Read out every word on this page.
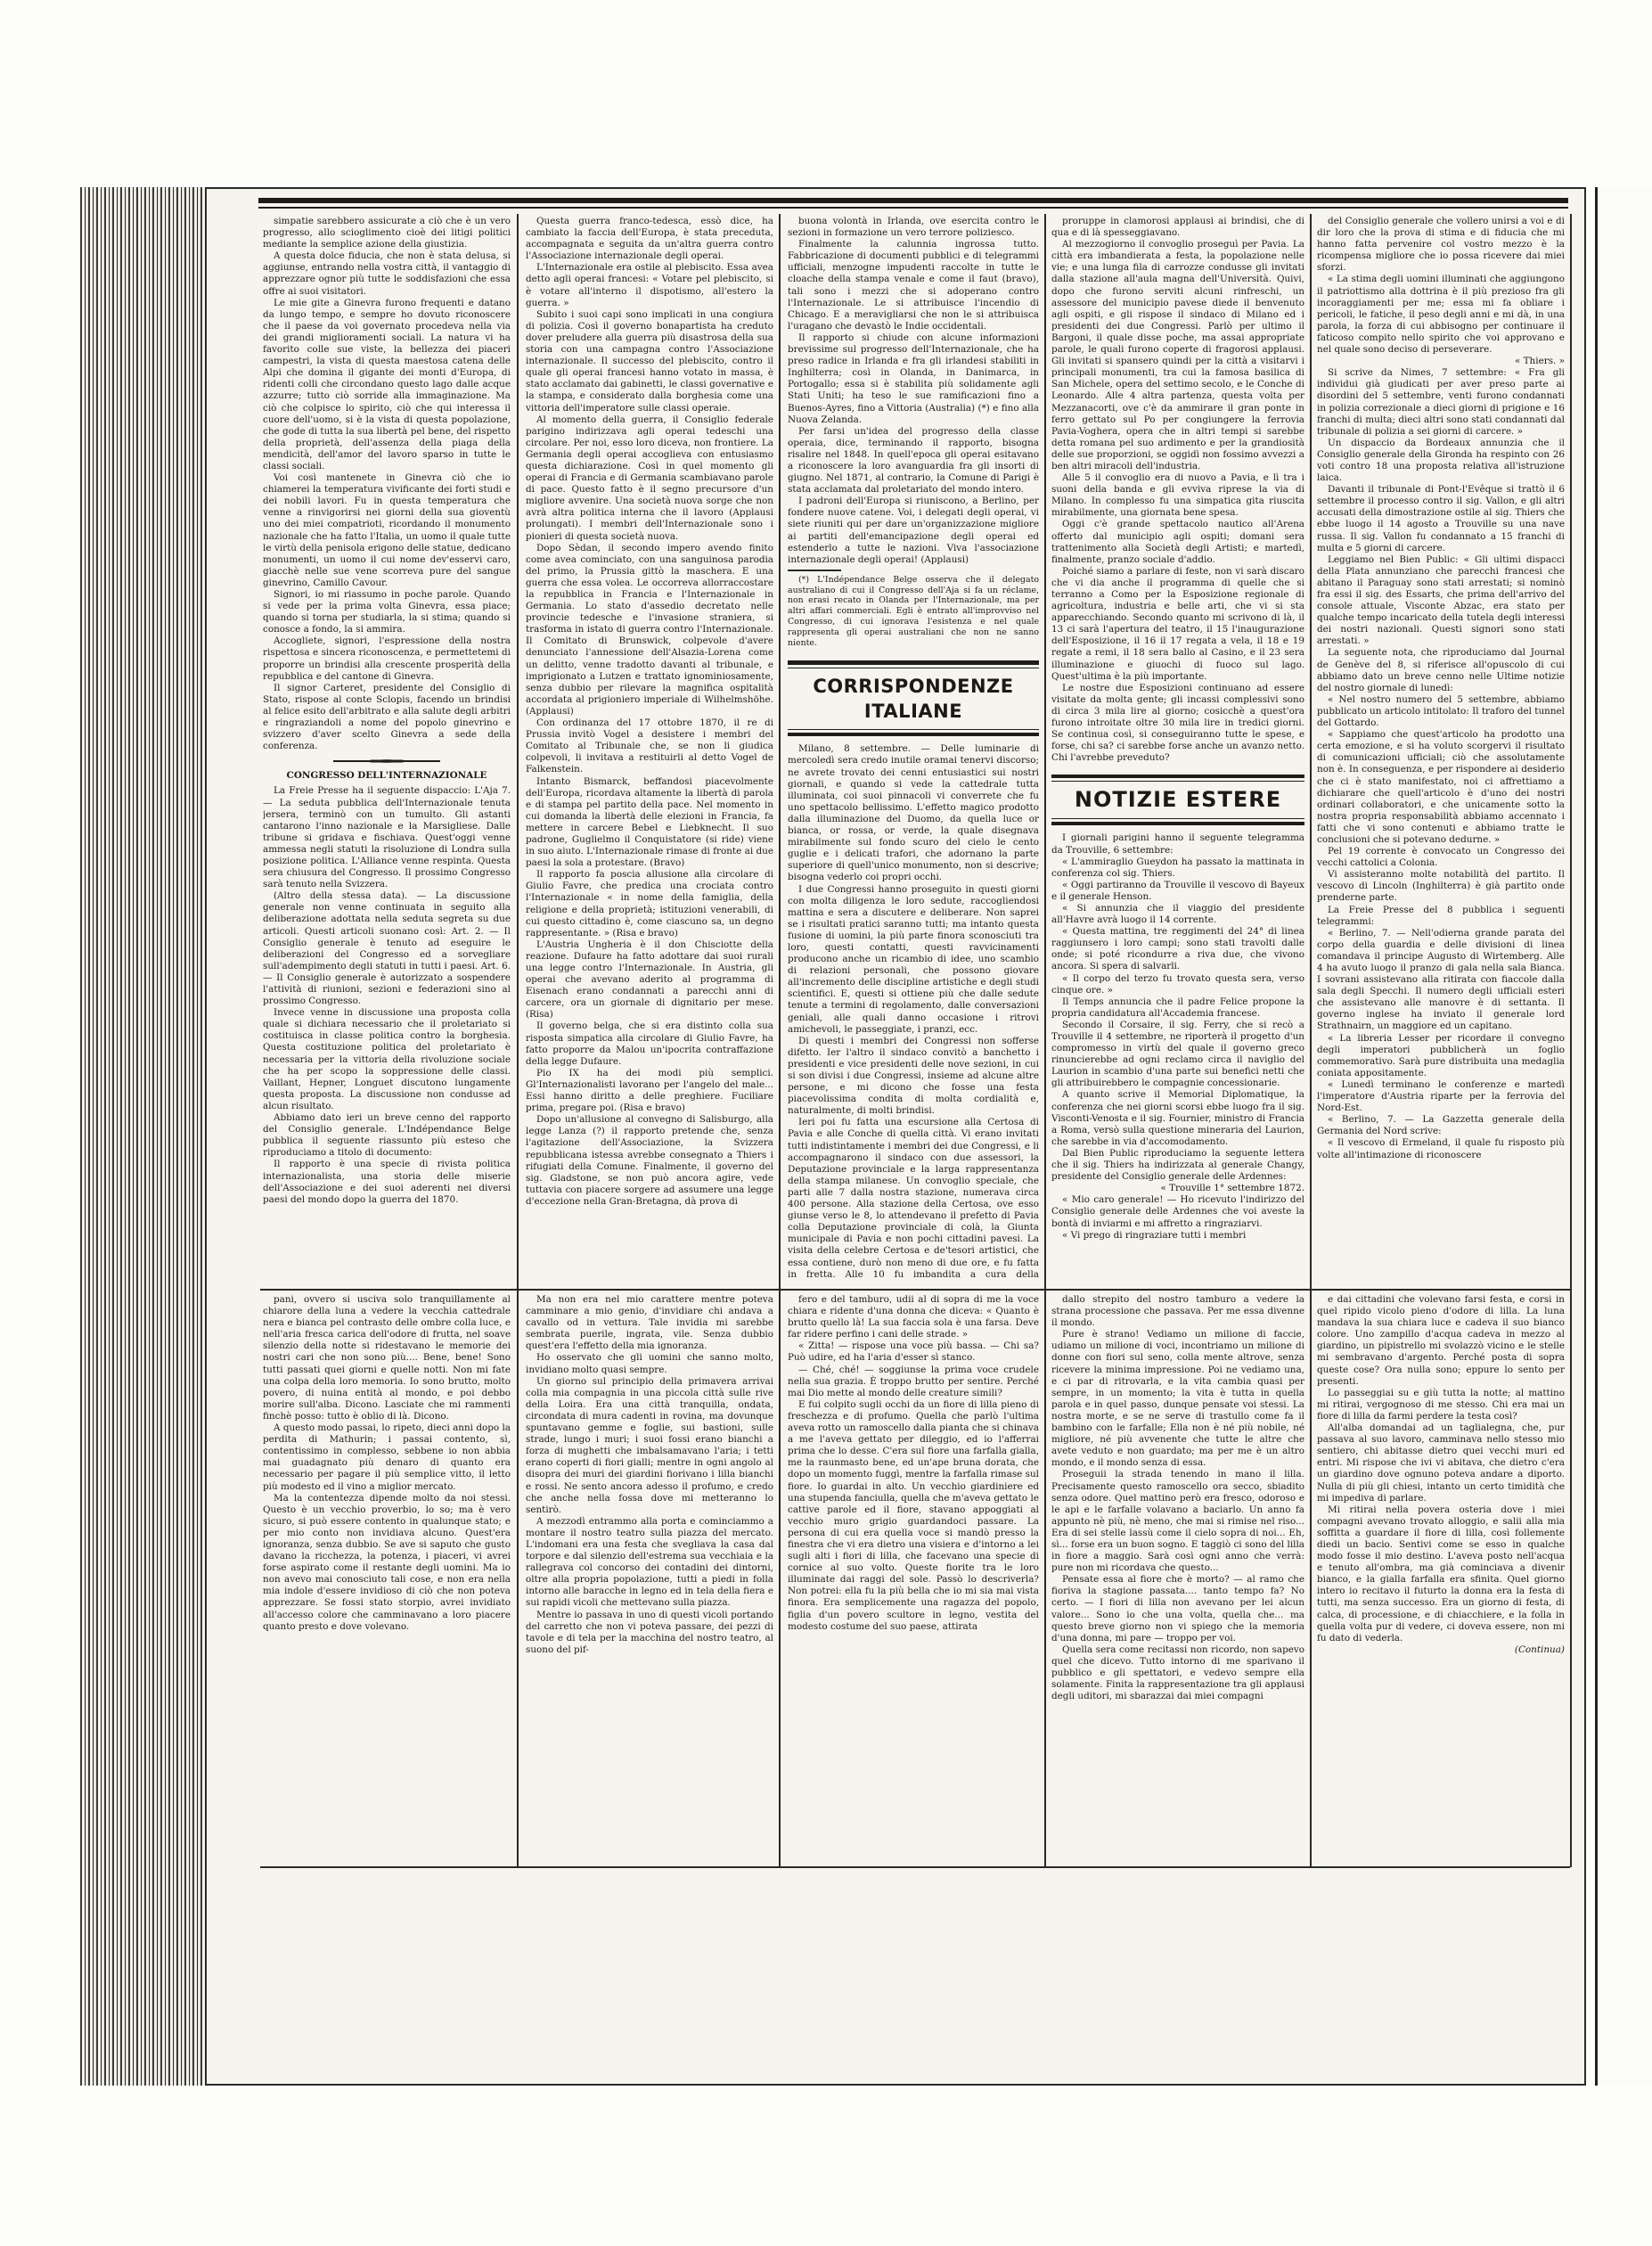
simpatie sarebbero assicurate a ciò che è un vero progresso, allo scioglimento cioè dei litigi politici mediante la semplice azione della giustizia.

A questa dolce fiducia, che non è stata delusa, si aggiunse, entrando nella vostra città, il vantaggio di apprezzare ognor più tutte le soddisfazioni che essa offre ai suoi visitatori.

Le mie gite a Ginevra furono frequenti e datano da lungo tempo, e sempre ho dovuto riconoscere che il paese da voi governato procedeva nella via dei grandi miglioramenti sociali. La natura vi ha favorito colle sue viste, la bellezza dei piaceri campestri, la vista di questa maestosa catena delle Alpi che domina il gigante dei monti d'Europa, di ridenti colli che circondano questo lago dalle acque azzurre; tutto ciò sorride alla immaginazione. Ma ciò che colpisce lo spirito, ciò che qui interessa il cuore dell'uomo, si è la vista di questa popolazione, che gode di tutta la sua libertà pel bene, del rispetto della proprietà, dell'assenza della piaga della mendicità, dell'amor del lavoro sparso in tutte le classi sociali.

Voi così mantenete in Ginevra ciò che io chiamerei la temperatura vivificante dei forti studi e dei nobili lavori. Fu in questa temperatura che venne a rinvigorirsi nei giorni della sua gioventù uno dei miei compatrioti, ricordando il monumento nazionale che ha fatto l'Italia, un uomo il quale tutte le virtù della penisola erigono delle statue, dedicano monumenti, un uomo il cui nome dev'esservi caro, giacchè nelle sue vene scorreva pure del sangue ginevrino, Camillo Cavour.

Signori, io mi riassumo in poche parole. Quando si vede per la prima volta Ginevra, essa piace; quando si torna per studiarla, la si stima; quando si conosce a fondo, la si ammira.

Accogliete, signori, l'espressione della nostra rispettosa e sincera riconoscenza, e permettetemi di proporre un brindisi alla crescente prosperità della repubblica e del cantone di Ginevra.

Il signor Carteret, presidente del Consiglio di Stato, rispose al conte Sclopis, facendo un brindisi al felice esito dell'arbitrato e alla salute degli arbitri e ringraziandoli a nome del popolo ginevrino e svizzero d'aver scelto Ginevra a sede della conferenza.

CONGRESSO DELL'INTERNAZIONALE

La Freie Presse ha il seguente dispaccio: L'Aja 7. — La seduta pubblica dell'Internazionale tenuta jersera, terminò con un tumulto. Gli astanti cantarono l'inno nazionale e la Marsigliese. Dalle tribune si gridava e fischiava. Quest'oggi venne ammessa negli statuti la risoluzione di Londra sulla posizione politica. L'Alliance venne respinta. Questa sera chiusura del Congresso. Il prossimo Congresso sarà tenuto nella Svizzera.

(Altro della stessa data). — La discussione generale non venne continuata in seguito alla deliberazione adottata nella seduta segreta su due articoli. Questi articoli suonano così: Art. 2. — Il Consiglio generale è tenuto ad eseguire le deliberazioni del Congresso ed a sorvegliare sull'adempimento degli statuti in tutti i paesi. Art. 6. — Il Consiglio generale è autorizzato a sospendere l'attività di riunioni, sezioni e federazioni sino al prossimo Congresso.

Invece venne in discussione una proposta colla quale si dichiara necessario che il proletariato si costituisca in classe politica contro la borghesia. Questa costituzione politica del proletariato è necessaria per la vittoria della rivoluzione sociale che ha per scopo la soppressione delle classi. Vaillant, Hepner, Longuet discutono lungamente questa proposta. La discussione non condusse ad alcun risultato.

Abbiamo dato ieri un breve cenno del rapporto del Consiglio generale. L'Indépendance Belge pubblica il seguente riassunto più esteso che riproduciamo a titolo di documento:

Il rapporto è una specie di rivista politica internazionalista, una storia delle miserie dell'Associazione e dei suoi aderenti nei diversi paesi del mondo dopo la guerra del 1870.

Questa guerra franco-tedesca, essò dice, ha cambiato la faccia dell'Europa, è stata preceduta, accompagnata e seguita da un'altra guerra contro l'Associazione internazionale degli operai.

L'Internazionale era ostile al plebiscito. Essa avea detto agli operai francesi: « Votare pel plebiscito, si è votare all'interno il dispotismo, all'estero la guerra. »

Subito i suoi capi sono implicati in una congiura di polizia. Così il governo bonapartista ha creduto dover preludere alla guerra più disastrosa della sua storia con una campagna contro l'Associazione internazionale. Il successo del plebiscito, contro il quale gli operai francesi hanno votato in massa, è stato acclamato dai gabinetti, le classi governative e la stampa, e considerato dalla borghesia come una vittoria dell'imperatore sulle classi operaie.

Al momento della guerra, il Consiglio federale parigino indirizzava agli operai tedeschi una circolare. Per noi, esso loro diceva, non frontiere. La Germania degli operai accoglieva con entusiasmo questa dichiarazione. Così in quel momento gli operai di Francia e di Germania scambiavano parole di pace. Questo fatto è il segno precursore d'un migliore avvenire. Una società nuova sorge che non avrà altra politica interna che il lavoro (Applausi prolungati). I membri dell'Internazionale sono i pionieri di questa società nuova.

Dopo Sèdan, il secondo impero avendo finito come avea cominciato, con una sanguinosa parodia del primo, la Prussia gittò la maschera. E una guerra che essa volea. Le occorreva allorraccostare la repubblica in Francia e l'Internazionale in Germania. Lo stato d'assedio decretato nelle provincie tedesche e l'invasione straniera, si trasforma in istato di guerra contro l'Internazionale. Il Comitato di Brunswick, colpevole d'avere denunciato l'annessione dell'Alsazia-Lorena come un delitto, venne tradotto davanti al tribunale, e imprigionato a Lutzen e trattato ignominiosamente, senza dubbio per rilevare la magnifica ospitalità accordata al prigioniero imperiale di Wilhelmshöhe. (Applausi)

Con ordinanza del 17 ottobre 1870, il re di Prussia invitò Vogel a desistere i membri del Comitato al Tribunale che, se non li giudica colpevoli, li invitava a restituirli al detto Vogel de Falkenstein.

Intanto Bismarck, beffandosi piacevolmente dell'Europa, ricordava altamente la libertà di parola e di stampa pel partito della pace. Nel momento in cui domanda la libertà delle elezioni in Francia, fa mettere in carcere Bebel e Liebknecht. Il suo padrone, Guglielmo il Conquistatore (si ride) viene in suo aiuto. L'Internazionale rimase di fronte ai due paesi la sola a protestare. (Bravo)

Il rapporto fa poscia allusione alla circolare di Giulio Favre, che predica una crociata contro l'Internazionale « in nome della famiglia, della religione e della proprietà; istituzioni venerabili, di cui questo cittadino è, come ciascuno sa, un degno rappresentante. » (Risa e bravo)

L'Austria Ungheria è il don Chisciotte della reazione. Dufaure ha fatto adottare dai suoi rurali una legge contro l'Internazionale. In Austria, gli operai che avevano aderito al programma di Eisenach erano condannati a parecchi anni di carcere, ora un giornale di dignitario per mese. (Risa)

Il governo belga, che si era distinto colla sua risposta simpatica alla circolare di Giulio Favre, ha fatto proporre da Malou un'ipocrita contraffazione della legge Dufaure.

Pio IX ha dei modi più semplici. Gl'Internazionalisti lavorano per l'angelo del male... Essi hanno diritto a delle preghiere. Fuciliare prima, pregare poi. (Risa e bravo)

Dopo un'allusione al convegno di Salisburgo, alla legge Lanza (?) il rapporto pretende che, senza l'agitazione dell'Associazione, la Svizzera repubblicana istessa avrebbe consegnato a Thiers i rifugiati della Comune. Finalmente, il governo del sig. Gladstone, se non può ancora agire, vede tuttavia con piacere sorgere ad assumere una legge d'eccezione nella Gran-Bretagna, dà prova di

buona volontà in Irlanda, ove esercita contro le sezioni in formazione un vero terrore poliziesco.

Finalmente la calunnia ingrossa tutto. Fabbricazione di documenti pubblici e di telegrammi ufficiali, menzogne impudenti raccolte in tutte le cloache della stampa venale e come il faut (bravo), tali sono i mezzi che si adoperano contro l'Internazionale. Le si attribuisce l'incendio di Chicago. E a meravigliarsi che non le si attribuisca l'uragano che devastò le Indie occidentali.

Il rapporto si chiude con alcune informazioni brevissime sul progresso dell'Internazionale, che ha preso radice in Irlanda e fra gli irlandesi stabiliti in Inghilterra; così in Olanda, in Danimarca, in Portogallo; essa si è stabilita più solidamente agli Stati Uniti; ha teso le sue ramificazioni fino a Buenos-Ayres, fino a Vittoria (Australia) (*) e fino alla Nuova Zelanda.

Per farsi un'idea del progresso della classe operaia, dice, terminando il rapporto, bisogna risalire nel 1848. In quell'epoca gli operai esitavano a riconoscere la loro avanguardia fra gli insorti di giugno. Nel 1871, al contrario, la Comune di Parigi è stata acclamata dal proletariato del mondo intero.

I padroni dell'Europa si riuniscono, a Berlino, per fondere nuove catene. Voi, i delegati degli operai, vi siete riuniti qui per dare un'organizzazione migliore ai partiti dell'emancipazione degli operai ed estenderlo a tutte le nazioni. Viva l'associazione internazionale degli operai! (Applausi)

(*) L'Indépendance Belge osserva che il delegato australiano di cui il Congresso dell'Aja si fa un réclame, non erasi recato in Olanda per l'Internazionale, ma per altri affari commerciali. Egli è entrato all'improvviso nel Congresso, di cui ignorava l'esistenza e nel quale rappresenta gli operai australiani che non ne sanno niente.

CORRISPONDENZE ITALIANE

Milano, 8 settembre. — Delle luminarie di mercoledì sera credo inutile oramai tenervi discorso; ne avrete trovato dei cenni entusiastici sui nostri giornali, e quando si vede la cattedrale tutta illuminata, coi suoi pinnacoli vi converrete che fu uno spettacolo bellissimo. L'effetto magico prodotto dalla illuminazione del Duomo, da quella luce or bianca, or rossa, or verde, la quale disegnava mirabilmente sul fondo scuro del cielo le cento guglie e i delicati trafori, che adornano la parte superiore di quell'unico monumento, non si descrive; bisogna vederlo coi propri occhi.

I due Congressi hanno proseguito in questi giorni con molta diligenza le loro sedute, raccogliendosi mattina e sera a discutere e deliberare. Non saprei se i risultati pratici saranno tutti; ma intanto questa fusione di uomini, la più parte finora sconosciuti tra loro, questi contatti, questi ravvicinamenti producono anche un ricambio di idee, uno scambio di relazioni personali, che possono giovare all'incremento delle discipline artistiche e degli studi scientifici. E, questi si ottiene più che dalle sedute tenute a termini di regolamento, dalle conversazioni geniali, alle quali danno occasione i ritrovi amichevoli, le passeggiate, i pranzi, ecc.

Di questi i membri dei Congressi non sofferse difetto. Ier l'altro il sindaco convitò a banchetto i presidenti e vice presidenti delle nove sezioni, in cui si son divisi i due Congressi, insieme ad alcune altre persone, e mi dicono che fosse una festa piacevolissima condita di molta cordialità e, naturalmente, di molti brindisi.

Ieri poi fu fatta una escursione alla Certosa di Pavia e alle Conche di quella città. Vi erano invitati tutti indistintamente i membri dei due Congressi, e li accompagnarono il sindaco con due assessori, la Deputazione provinciale e la larga rappresentanza della stampa milanese. Un convoglio speciale, che parti alle 7 dalla nostra stazione, numerava circa 400 persone. Alla stazione della Certosa, ove esso giunse verso le 8, lo attendevano il prefetto di Pavia colla Deputazione provinciale di colà, la Giunta municipale di Pavia e non pochi cittadini pavesi. La visita della celebre Certosa e de'tesori artistici, che essa contiene, durò non meno di due ore, e fu fatta in fretta. Alle 10 fu imbandita a cura della

proruppe in clamorosi applausi ai brindisi, che di qua e di là spesseggiavano.

Al mezzogiorno il convoglio proseguì per Pavia. La città era imbandierata a festa, la popolazione nelle vie; e una lunga fila di carrozze condusse gli invitati dalla stazione all'aula magna dell'Università. Quivi, dopo che furono serviti alcuni rinfreschi, un assessore del municipio pavese diede il benvenuto agli ospiti, e gli rispose il sindaco di Milano ed i presidenti dei due Congressi. Parlò per ultimo il Bargoni, il quale disse poche, ma assai appropriate parole, le quali furono coperte di fragorosi applausi. Gli invitati si spansero quindi per la città a visitarvi i principali monumenti, tra cui la famosa basilica di San Michele, opera del settimo secolo, e le Conche di Leonardo. Alle 4 altra partenza, questa volta per Mezzanacorti, ove c'è da ammirare il gran ponte in ferro gettato sul Po per congiungere la ferrovia Pavia-Voghera, opera che in altri tempi si sarebbe detta romana pel suo ardimento e per la grandiosità delle sue proporzioni, se oggidì non fossimo avvezzi a ben altri miracoli dell'industria.

Alle 5 il convoglio era di nuovo a Pavia, e lì tra i suoni della banda e gli evviva riprese la via di Milano. In complesso fu una simpatica gita riuscita mirabilmente, una giornata bene spesa.

Oggi c'è grande spettacolo nautico all'Arena offerto dal municipio agli ospiti; domani sera trattenimento alla Società degli Artisti; e martedì, finalmente, pranzo sociale d'addio.

Poiché siamo a parlare di feste, non vi sarà discaro che vi dia anche il programma di quelle che si terranno a Como per la Esposizione regionale di agricoltura, industria e belle arti, che vi si sta apparecchiando. Secondo quanto mi scrivono di là, il 13 ci sarà l'apertura del teatro, il 15 l'inaugurazione dell'Esposizione, il 16 il 17 regata a vela, il 18 e 19 regate a remi, il 18 sera ballo al Casino, e il 23 sera illuminazione e giuochi di fuoco sul lago. Quest'ultima è la più importante.

Le nostre due Esposizioni continuano ad essere visitate da molta gente; gli incassi complessivi sono di circa 3 mila lire al giorno; cosicchè a quest'ora furono introitate oltre 30 mila lire in tredici giorni. Se continua così, si conseguiranno tutte le spese, e forse, chi sa? ci sarebbe forse anche un avanzo netto. Chi l'avrebbe preveduto?

NOTIZIE ESTERE

I giornali parigini hanno il seguente telegramma da Trouville, 6 settembre:

« L'ammiraglio Gueydon ha passato la mattinata in conferenza col sig. Thiers.

« Oggi partiranno da Trouville il vescovo di Bayeux e il generale Henson.

« Si annunzia che il viaggio del presidente all'Havre avrà luogo il 14 corrente.

« Questa mattina, tre reggimenti del 24° di linea raggiunsero i loro campi; sono stati travolti dalle onde; si poté ricondurre a riva due, che vivono ancora. Si spera di salvarli.

« Il corpo del terzo fu trovato questa sera, verso cinque ore. »

Il Temps annuncia che il padre Felice propone la propria candidatura all'Accademia francese.

Secondo il Corsaire, il sig. Ferry, che si recò a Trouville il 4 settembre, ne riporterà il progetto d'un compromesso in virtù del quale il governo greco rinuncierebbe ad ogni reclamo circa il naviglio del Laurion in scambio d'una parte sui benefici netti che gli attribuirebbero le compagnie concessionarie.

A quanto scrive il Memorial Diplomatique, la conferenza che nei giorni scorsi ebbe luogo fra il sig. Visconti-Venosta e il sig. Fournier, ministro di Francia a Roma, versò sulla questione mineraria del Laurion, che sarebbe in via d'accomodamento.

Dal Bien Public riproduciamo la seguente lettera che il sig. Thiers ha indirizzata al generale Changy, presidente del Consiglio generale delle Ardennes:

« Trouville 1° settembre 1872.

« Mio caro generale! — Ho ricevuto l'indirizzo del Consiglio generale delle Ardennes che voi aveste la bontà di inviarmi e mi affretto a ringraziarvi.

« Vi prego di ringraziare tutti i membri

del Consiglio generale che vollero unirsi a voi e di dir loro che la prova di stima e di fiducia che mi hanno fatta pervenire col vostro mezzo è la ricompensa migliore che io possa ricevere dai miei sforzi.

« La stima degli uomini illuminati che aggiungono il patriottismo alla dottrina è il più prezioso fra gli incoraggiamenti per me; essa mi fa obliare i pericoli, le fatiche, il peso degli anni e mi dà, in una parola, la forza di cui abbisogno per continuare il faticoso compito nello spirito che voi approvano e nel quale sono deciso di perseverare.

« Thiers. »

Si scrive da Nimes, 7 settembre: « Fra gli individui già giudicati per aver preso parte ai disordini del 5 settembre, venti furono condannati in polizia correzionale a dieci giorni di prigione e 16 franchi di multa; dieci altri sono stati condannati dal tribunale di polizia a sei giorni di carcere. »

Un dispaccio da Bordeaux annunzia che il Consiglio generale della Gironda ha respinto con 26 voti contro 18 una proposta relativa all'istruzione laica.

Davanti il tribunale di Pont-l'Evêque si trattò il 6 settembre il processo contro il sig. Vallon, e gli altri accusati della dimostrazione ostile al sig. Thiers che ebbe luogo il 14 agosto a Trouville su una nave russa. Il sig. Vallon fu condannato a 15 franchi di multa e 5 giorni di carcere.

Leggiamo nel Bien Public: « Gli ultimi dispacci della Plata annunziano che parecchi francesi che abitano il Paraguay sono stati arrestati; si nominò fra essi il sig. des Essarts, che prima dell'arrivo del console attuale, Visconte Abzac, era stato per qualche tempo incaricato della tutela degli interessi dei nostri nazionali. Questi signori sono stati arrestati. »

La seguente nota, che riproduciamo dal Journal de Genève del 8, si riferisce all'opuscolo di cui abbiamo dato un breve cenno nelle Ultime notizie del nostro giornale di lunedì:

« Nel nostro numero del 5 settembre, abbiamo pubblicato un articolo intitolato: Il traforo del tunnel del Gottardo.

« Sappiamo che quest'articolo ha prodotto una certa emozione, e si ha voluto scorgervi il risultato di comunicazioni ufficiali; ciò che assolutamente non è. In conseguenza, e per rispondere ai desiderio che ci è stato manifestato, noi ci affrettiamo a dichiarare che quell'articolo è d'uno dei nostri ordinari collaboratori, e che unicamente sotto la nostra propria responsabilità abbiamo accennato i fatti che vi sono contenuti e abbiamo tratte le conclusioni che si potevano dedurne. »

Pel 19 corrente è convocato un Congresso dei vecchi cattolici a Colonia.

Vi assisteranno molte notabilità del partito. Il vescovo di Lincoln (Inghilterra) è già partito onde prenderne parte.

La Freie Presse del 8 pubblica i seguenti telegrammi:

« Berlino, 7. — Nell'odierna grande parata del corpo della guardia e delle divisioni di linea comandava il principe Augusto di Wirtemberg. Alle 4 ha avuto luogo il pranzo di gala nella sala Bianca. I sovrani assistevano alla ritirata con fiaccole dalla sala degli Specchi. Il numero degli ufficiali esteri che assistevano alle manovre è di settanta. Il governo inglese ha inviato il generale lord Strathnairn, un maggiore ed un capitano.

« La libreria Lesser per ricordare il convegno degli imperatori pubblicherà un foglio commemorativo. Sarà pure distribuita una medaglia coniata appositamente.

« Lunedì terminano le conferenze e martedì l'imperatore d'Austria riparte per la ferrovia del Nord-Est.

« Berlino, 7. — La Gazzetta generale della Germania del Nord scrive:

« Il vescovo di Ermeland, il quale fu risposto più volte all'intimazione di riconoscere

pani, ovvero si usciva solo tranquillamente al chiarore della luna a vedere la vecchia cattedrale nera e bianca pel contrasto delle ombre colla luce, e nell'aria fresca carica dell'odore di frutta, nel soave silenzio della notte si ridestavano le memorie dei nostri cari che non sono più.... Bene, bene! Sono tutti passati quei giorni e quelle notti. Non mi fate una colpa della loro memoria. Io sono brutto, molto povero, di nuina entità al mondo, e poi debbo morire sull'alba. Dicono. Lasciate che mi rammenti finchè posso: tutto è oblio di là. Dicono.

A questo modo passai, lo ripeto, dieci anni dopo la perdita di Mathurin; i passai contento, sì, contentissimo in complesso, sebbene io non abbia mai guadagnato più denaro di quanto era necessario per pagare il più semplice vitto, il letto più modesto ed il vino a miglior mercato.

Ma la contentezza dipende molto da noi stessi. Questo è un vecchio proverbio, lo so; ma è vero sicuro, si può essere contento in qualunque stato; e per mio conto non invidiava alcuno. Quest'era ignoranza, senza dubbio. Se ave si saputo che gusto davano la ricchezza, la potenza, i piaceri, vi avrei forse aspirato come il restante degli uomini. Ma io non avevo mai conosciuto tali cose, e non era nella mia indole d'essere invidioso di ciò che non poteva apprezzare. Se fossi stato storpio, avrei invidiato all'accesso colore che camminavano a loro piacere quanto presto e dove volevano.

Ma non era nel mio carattere mentre poteva camminare a mio genio, d'invidiare chi andava a cavallo od in vettura. Tale invidia mi sarebbe sembrata puerile, ingrata, vile. Senza dubbio quest'era l'effetto della mia ignoranza.

Ho osservato che gli uomini che sanno molto, invidiano molto quasi sempre.

Un giorno sul principio della primavera arrivai colla mia compagnia in una piccola città sulle rive della Loira. Era una città tranquilla, ondata, circondata di mura cadenti in rovina, ma dovunque spuntavano gemme e foglie, sui bastioni, sulle strade, lungo i muri; i suoi fossi erano bianchi a forza di mughetti che imbalsamavano l'aria; i tetti erano coperti di fiori gialli; mentre in ogni angolo al disopra dei muri dei giardini fiorivano i lilla bianchi e rossi. Ne sento ancora adesso il profumo, e credo che anche nella fossa dove mi metteranno lo sentirò.

A mezzodì entrammo alla porta e cominciammo a montare il nostro teatro sulla piazza del mercato. L'indomani era una festa che svegliava la casa dal torpore e dal silenzio dell'estrema sua vecchiaia e la rallegrava col concorso dei contadini dei dintorni, oltre alla propria popolazione, tutti a piedi in folla intorno alle baracche in legno ed in tela della fiera e sui rapidi vicoli che mettevano sulla piazza.

Mentre io passava in uno di questi vicoli portando del carretto che non vi poteva passare, dei pezzi di tavole e di tela per la macchina del nostro teatro, al suono del pif-

fero e del tamburo, udii al di sopra di me la voce chiara e ridente d'una donna che diceva: « Quanto è brutto quello là! La sua faccia sola è una farsa. Deve far ridere perfino i cani delle strade. »

« Zitta! — rispose una voce più bassa. — Chi sa? Può udire, ed ha l'aria d'esser sì stanco.

— Ché, ché! — soggiunse la prima voce crudele nella sua grazia. È troppo brutto per sentire. Perché mai Dio mette al mondo delle creature simili?

E fui colpito sugli occhi da un fiore di lilla pieno di freschezza e di profumo. Quella che parlò l'ultima aveva rotto un ramoscello dalla pianta che si chinava a me l'aveva gettato per dileggio, ed io l'afferrai prima che lo desse. C'era sul fiore una farfalla gialla, me la raunmasto bene, ed un'ape bruna dorata, che dopo un momento fuggì, mentre la farfalla rimase sul fiore. Io guardai in alto. Un vecchio giardiniere ed una stupenda fanciulla, quella che m'aveva gettato le cattive parole ed il fiore, stavano appoggiati al vecchio muro grigio guardandoci passare. La persona di cui era quella voce si mandò presso la finestra che vi era dietro una visiera e d'intorno a lei sugli alti i fiori di lilla, che facevano una specie di cornice al suo volto. Queste fiorite tra le loro illuminate dai raggi del sole. Passò lo descriverla? Non potrei: ella fu la più bella che io mi sia mai vista finora. Era semplicemente una ragazza del popolo, figlia d'un povero scultore in legno, vestita del modesto costume del suo paese, attirata

dallo strepito del nostro tamburo a vedere la strana processione che passava. Per me essa divenne il mondo.

Pure è strano! Vediamo un milione di faccie, udiamo un milione di voci, incontriamo un milione di donne con fiori sul seno, colla mente altrove, senza ricevere la minima impressione. Poi ne vediamo una, e ci par di ritrovarla, e la vita cambia quasi per sempre, in un momento; la vita è tutta in quella parola e in quel passo, dunque pensate voi stessi. La nostra morte, e se ne serve di trastullo come fa il bambino con le farfalle; Ella non è né più nobile, né migliore, né più avvenente che tutte le altre che avete veduto e non guardato; ma per me è un altro mondo, e il mondo senza di essa.

Proseguii la strada tenendo in mano il lilla. Precisamente questo ramoscello ora secco, sbiadito senza odore. Quel mattino però era fresco, odoroso e le api e le farfalle volavano a baciarlo. Un anno fa appunto nè più, nè meno, che mai si rimise nel riso... Era di sei stelle lassù come il cielo sopra di noi... Eh, sì... forse era un buon sogno. E taggiò ci sono del lilla in fiore a maggio. Sarà così ogni anno che verrà: pure non mi ricordava che questo...

Pensate essa al fiore che è morto? — al ramo che fioriva la stagione passata.... tanto tempo fa? No certo. — I fiori di lilla non avevano per lei alcun valore... Sono io che una volta, quella che... ma questo breve giorno non vi spiego che la memoria d'una donna, mi pare — troppo per voi.

Quella sera come recitassi non ricordo, non sapevo quel che dicevo. Tutto intorno di me sparivano il pubblico e gli spettatori, e vedevo sempre ella solamente. Finita la rappresentazione tra gli applausi degli uditori, mi sbarazzai dai miei compagni

e dai cittadini che volevano farsi festa, e corsi in quel ripido vicolo pieno d'odore di lilla. La luna mandava la sua chiara luce e cadeva il suo bianco colore. Uno zampillo d'acqua cadeva in mezzo al giardino, un pipistrello mi svolazzò vicino e le stelle mi sembravano d'argento. Perché posta di sopra queste cose? Ora nulla sono; eppure lo sento per presenti.

Lo passeggiai su e giù tutta la notte; al mattino mi ritirai, vergognoso di me stesso. Chi era mai un fiore di lilla da farmi perdere la testa così?

All'alba domandai ad un taglialegna, che, pur passava al suo lavoro, camminava nello stesso mio sentiero, chi abitasse dietro quei vecchi muri ed entri. Mi rispose che ivi vi abitava, che dietro c'era un giardino dove ognuno poteva andare a diporto. Nulla di più gli chiesi, intanto un certo timidità che mi impediva di parlare.

Mi ritirai nella povera osteria dove i miei compagni avevano trovato alloggio, e salii alla mia soffitta a guardare il fiore di lilla, così follemente diedi un bacio. Sentivi come se esso in qualche modo fosse il mio destino. L'aveva posto nell'acqua e tenuto all'ombra, ma già cominciava a divenir bianco, e la gialla farfalla era sfinita. Quel giorno intero io recitavo il futurto la donna era la festa di tutti, ma senza successo. Era un giorno di festa, di calca, di processione, e di chiacchiere, e la folla in quella volta pur di vedere, ci doveva essere, non mi fu dato di vederla.

(Continua)
